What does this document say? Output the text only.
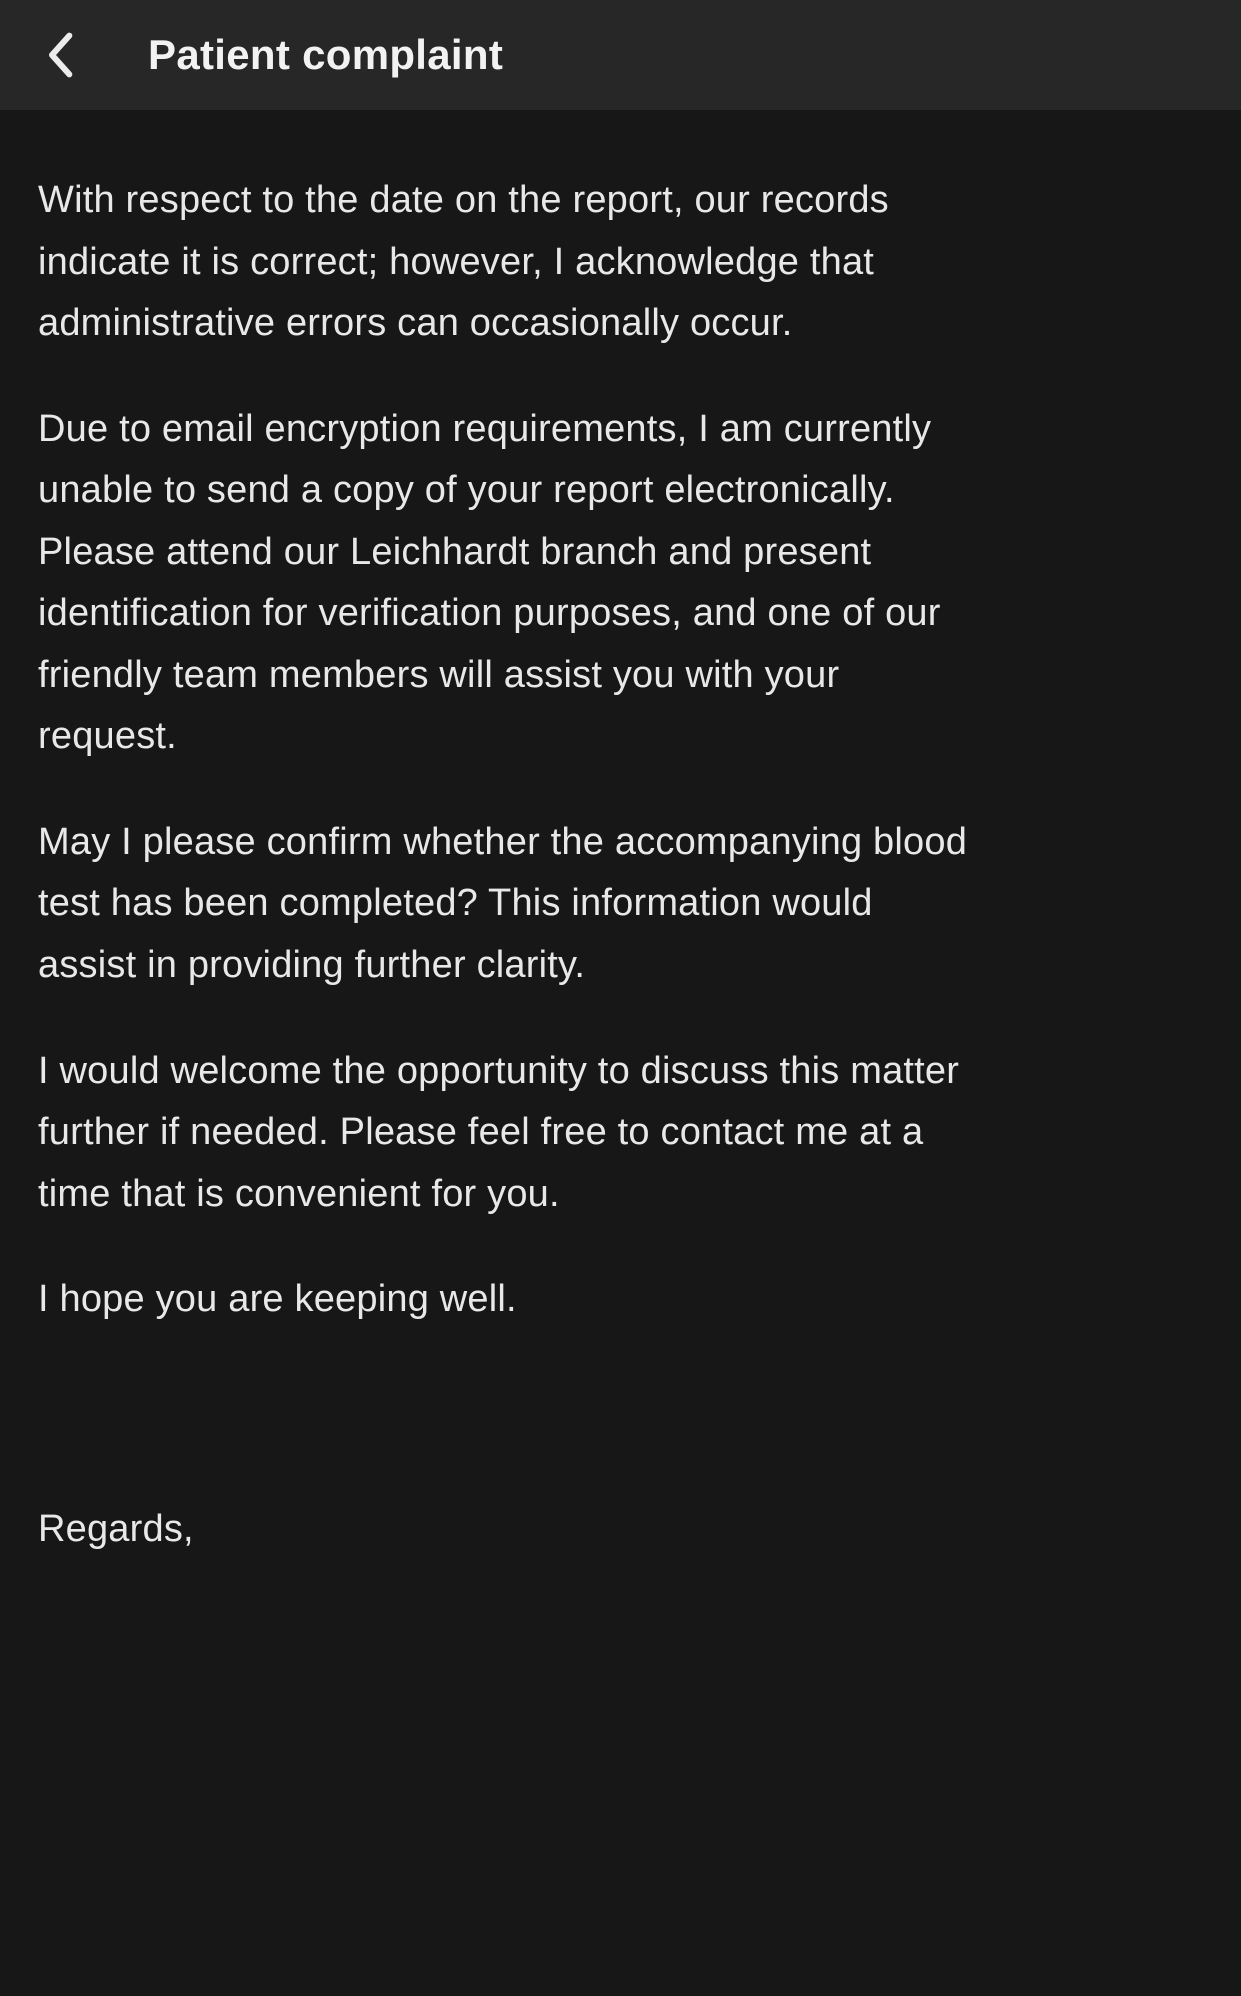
Patient complaint

With respect to the date on the report, our records indicate it is correct; however, I acknowledge that administrative errors can occasionally occur.

Due to email encryption requirements, I am currently unable to send a copy of your report electronically. Please attend our Leichhardt branch and present identification for verification purposes, and one of our friendly team members will assist you with your request.

May I please confirm whether the accompanying blood test has been completed? This information would assist in providing further clarity.

I would welcome the opportunity to discuss this matter further if needed. Please feel free to contact me at a time that is convenient for you.

I hope you are keeping well.

Regards,
